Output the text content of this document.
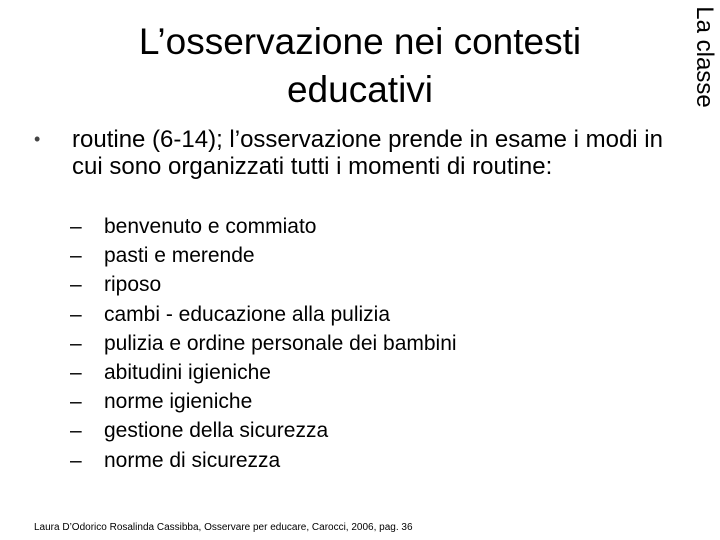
L’osservazione nei contesti
educativi	La classe
• routine (6-14); l’osservazione prende in esame i modi in cui sono organizzati tutti i momenti di routine:
–	benvenuto e commiato
–	pasti e merende
–	riposo
–	cambi - educazione alla pulizia
–	pulizia e ordine personale dei bambini
–	abitudini igieniche
–	norme igieniche
–	gestione della sicurezza
–	norme di sicurezza
Laura D’Odorico Rosalinda Cassibba, Osservare per educare, Carocci, 2006, pag. 36
